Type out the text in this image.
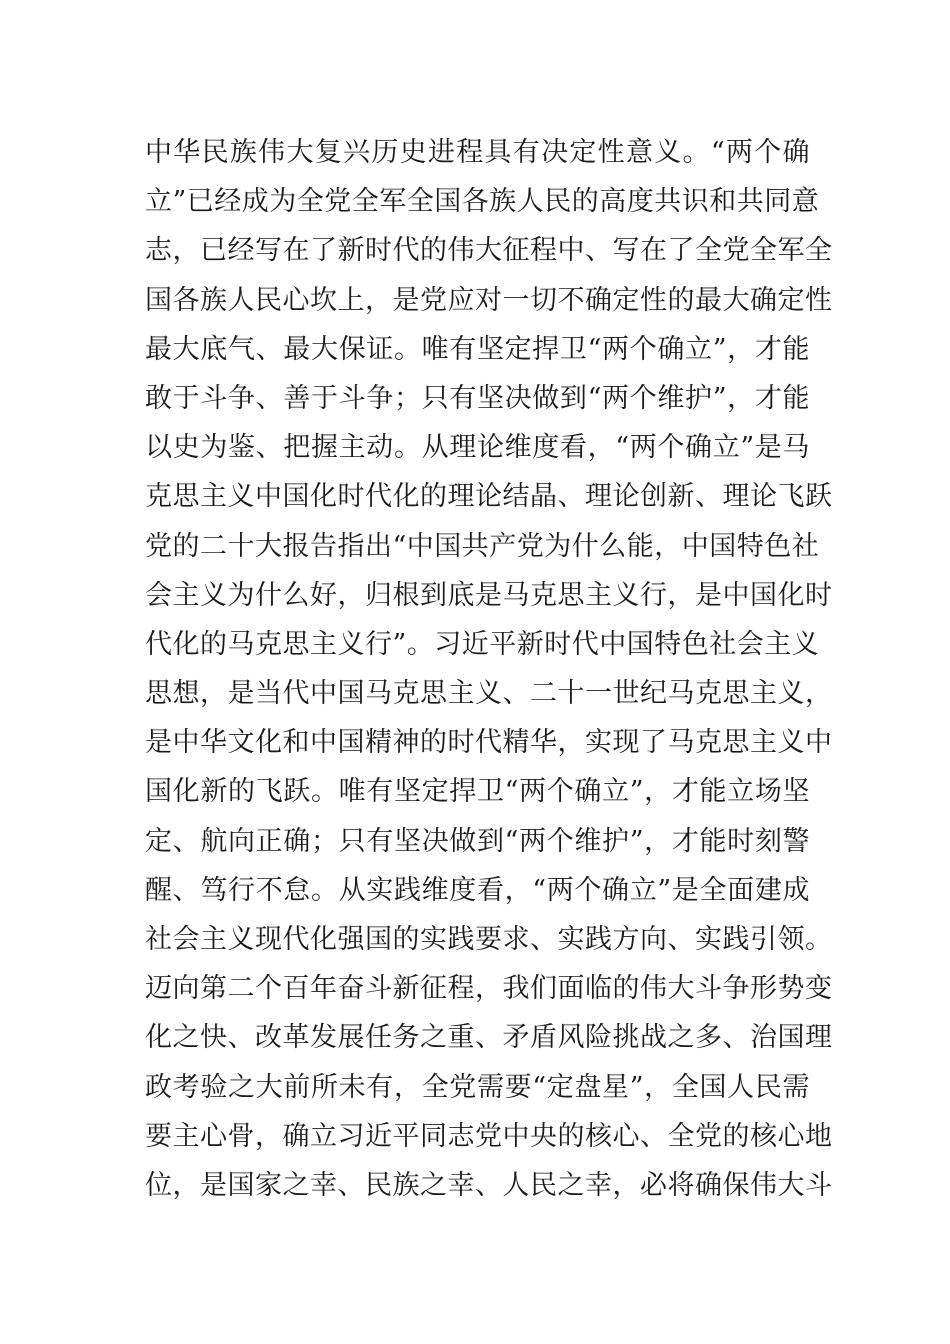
中华民族伟大复兴历史进程具有决定性意义。“两个确
立”已经成为全党全军全国各族人民的高度共识和共同意
志，已经写在了新时代的伟大征程中、写在了全党全军全
国各族人民心坎上，是党应对一切不确定性的最大确定性
最大底气、最大保证。唯有坚定捍卫“两个确立”，才能
敢于斗争、善于斗争；只有坚决做到“两个维护”，才能
以史为鉴、把握主动。从理论维度看，“两个确立”是马
克思主义中国化时代化的理论结晶、理论创新、理论飞跃
党的二十大报告指出“中国共产党为什么能，中国特色社
会主义为什么好，归根到底是马克思主义行，是中国化时
代化的马克思主义行”。习近平新时代中国特色社会主义
思想，是当代中国马克思主义、二十一世纪马克思主义，
是中华文化和中国精神的时代精华，实现了马克思主义中
国化新的飞跃。唯有坚定捍卫“两个确立”，才能立场坚
定、航向正确；只有坚决做到“两个维护”，才能时刻警
醒、笃行不怠。从实践维度看，“两个确立”是全面建成
社会主义现代化强国的实践要求、实践方向、实践引领。
迈向第二个百年奋斗新征程，我们面临的伟大斗争形势变
化之快、改革发展任务之重、矛盾风险挑战之多、治国理
政考验之大前所未有，全党需要“定盘星”，全国人民需
要主心骨，确立习近平同志党中央的核心、全党的核心地
位，是国家之幸、民族之幸、人民之幸，必将确保伟大斗
